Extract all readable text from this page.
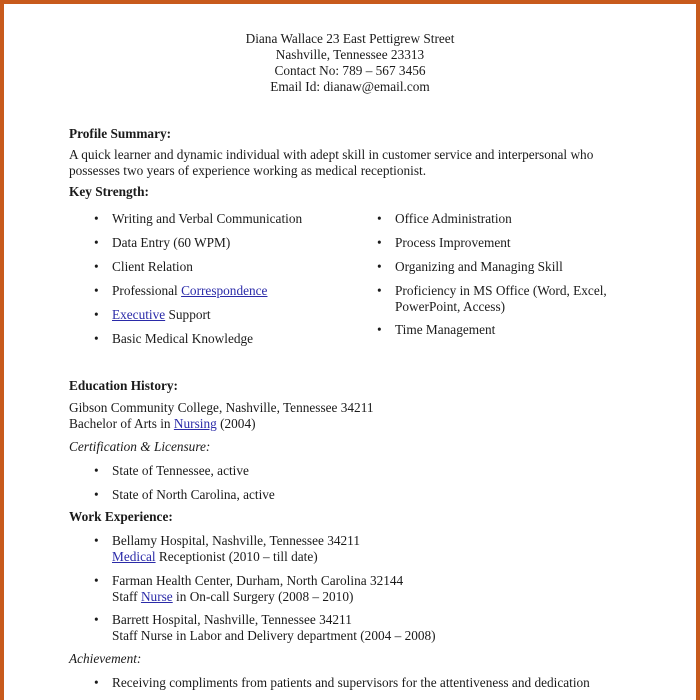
Diana Wallace 23 East Pettigrew Street
Nashville, Tennessee 23313
Contact No: 789 – 567 3456
Email Id: dianaw@email.com
Profile Summary:
A quick learner and dynamic individual with adept skill in customer service and interpersonal who
possesses two years of experience working as medical receptionist.
Key Strength:
• Writing and Verbal Communication
• Data Entry (60 WPM)
• Client Relation
• Professional Correspondence
• Executive Support
• Basic Medical Knowledge
• Office Administration
• Process Improvement
• Organizing and Managing Skill
• Proficiency in MS Office (Word, Excel,
PowerPoint, Access)
• Time Management
Education History:
Gibson Community College, Nashville, Tennessee 34211
Bachelor of Arts in Nursing (2004)
Certification & Licensure:
• State of Tennessee, active
• State of North Carolina, active
Work Experience:
• Bellamy Hospital, Nashville, Tennessee 34211
Medical Receptionist (2010 – till date)
• Farman Health Center, Durham, North Carolina 32144
Staff Nurse in On-call Surgery (2008 – 2010)
• Barrett Hospital, Nashville, Tennessee 34211
Staff Nurse in Labor and Delivery department (2004 – 2008)
Achievement:
• Receiving compliments from patients and supervisors for the attentiveness and dedication
